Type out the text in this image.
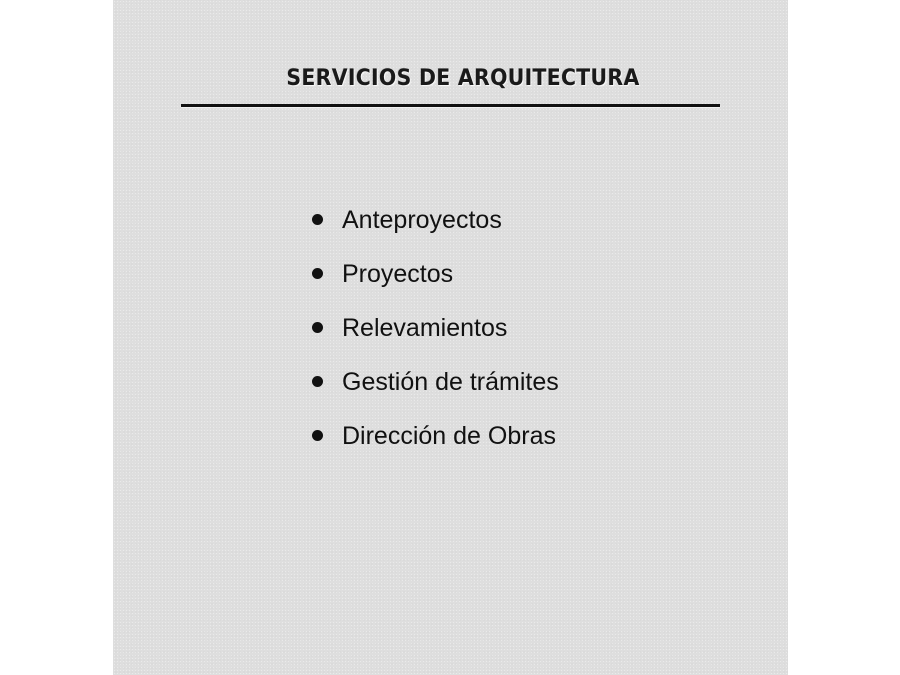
SERVICIOS DE ARQUITECTURA
Anteproyectos
Proyectos
Relevamientos
Gestión de trámites
Dirección de Obras
